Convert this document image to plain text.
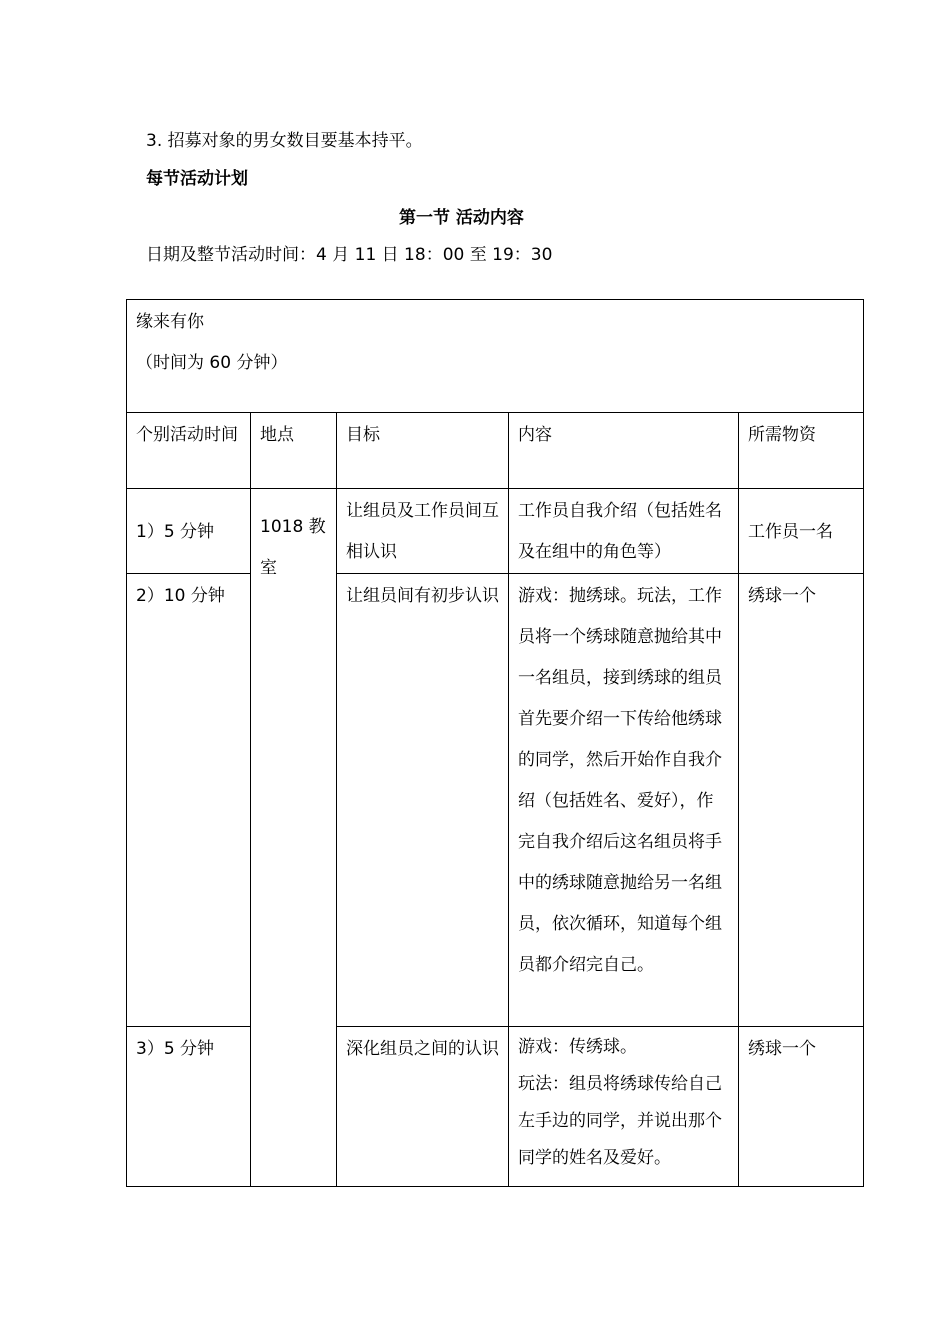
3. 招募对象的男女数目要基本持平。
每节活动计划
第一节 活动内容
日期及整节活动时间：4 月 11 日 18：00 至 19：30
缘来有你
（时间为 60 分钟）				

个别活动时间	地点	目标	内容	所需物资
1）5 分钟	1018 教室	让组员及工作员间互相认识	工作员自我介绍（包括姓名及在组中的角色等）	工作员一名
2）10 分钟		让组员间有初步认识	游戏：抛绣球。玩法，工作员将一个绣球随意抛给其中一名组员，接到绣球的组员首先要介绍一下传给他绣球的同学，然后开始作自我介绍（包括姓名、爱好），作完自我介绍后这名组员将手中的绣球随意抛给另一名组员，依次循环，知道每个组员都介绍完自己。	绣球一个
3）5 分钟		深化组员之间的认识	游戏：传绣球。
玩法：组员将绣球传给自己左手边的同学，并说出那个同学的姓名及爱好。	绣球一个
